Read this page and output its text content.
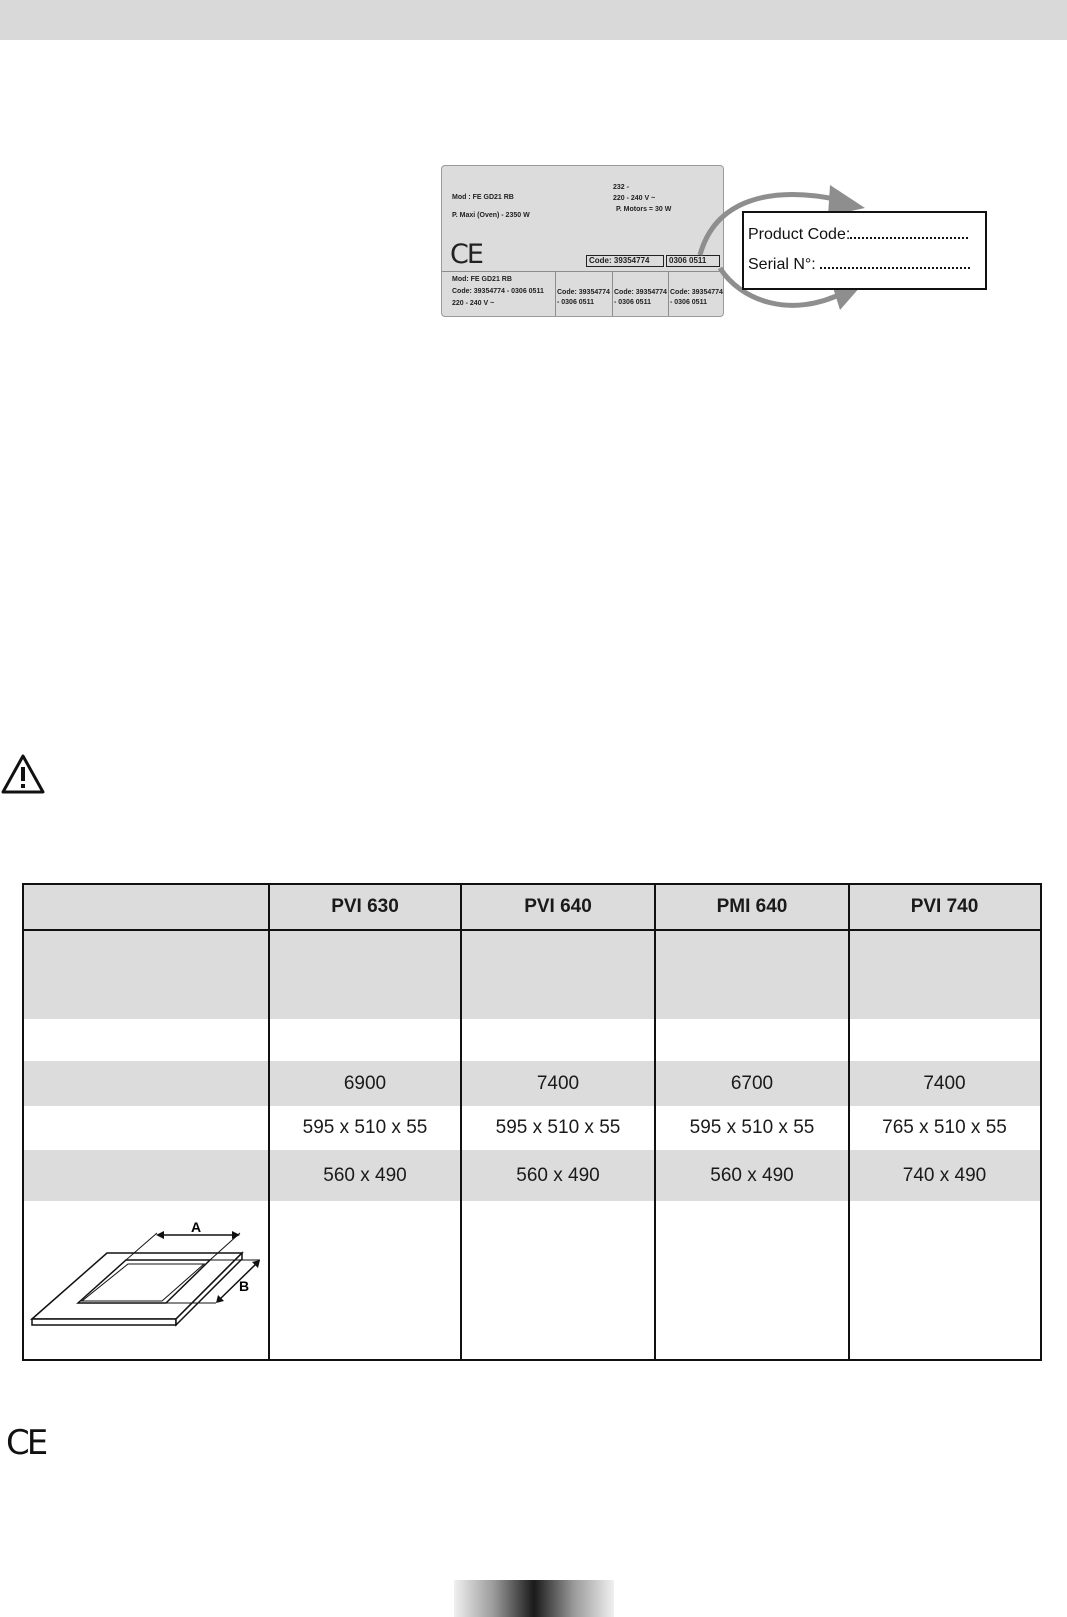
Mod : FE GD21 RB
P. Maxi (Oven) - 2350 W
232 -
220 - 240 V ~
P. Motors = 30 W
CE	Code: 39354774	0306 0511
Mod: FE GD21 RB
Code: 39354774 - 0306 0511
220 - 240 V ~
Code: 39354774
- 0306 0511
Code: 39354774
- 0306 0511
Code: 39354774
- 0306 0511
Product Code:
Serial N°:
PVI 630	PVI 640	PMI 640	PVI 740
6900	7400	6700	7400
595 x 510 x 55	595 x 510 x 55	595 x 510 x 55	765 x 510 x 55
560 x 490	560 x 490	560 x 490	740 x 490
A
B
CE
